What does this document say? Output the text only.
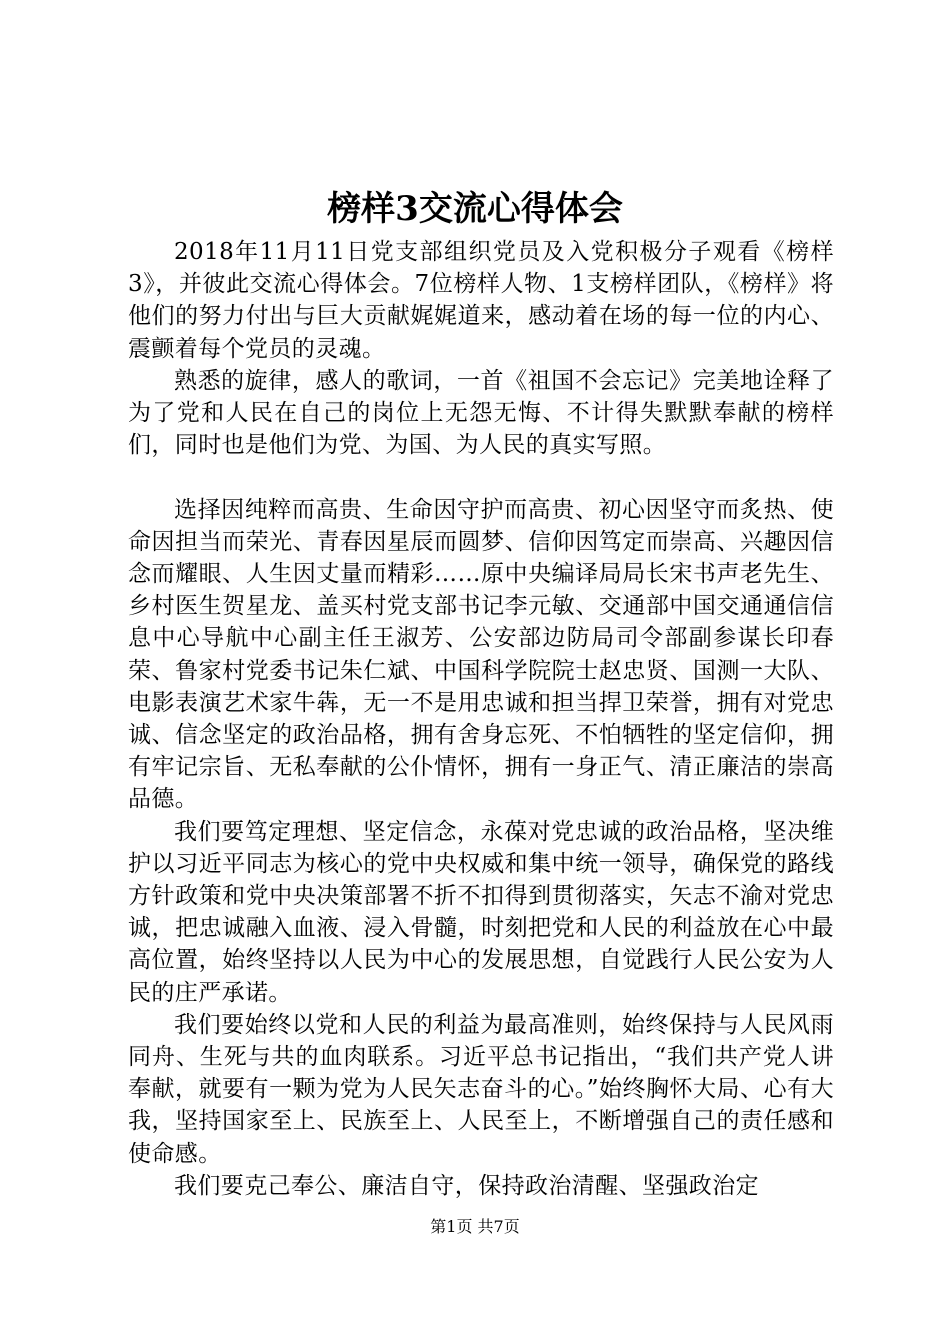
榜样3交流心得体会

2018年11月11日党支部组织党员及入党积极分子观看《榜样3》，并彼此交流心得体会。7位榜样人物、1支榜样团队，《榜样》将他们的努力付出与巨大贡献娓娓道来，感动着在场的每一位的内心、震颤着每个党员的灵魂。

熟悉的旋律，感人的歌词，一首《祖国不会忘记》完美地诠释了为了党和人民在自己的岗位上无怨无悔、不计得失默默奉献的榜样们，同时也是他们为党、为国、为人民的真实写照。

选择因纯粹而高贵、生命因守护而高贵、初心因坚守而炙热、使命因担当而荣光、青春因星辰而圆梦、信仰因笃定而崇高、兴趣因信念而耀眼、人生因丈量而精彩……原中央编译局局长宋书声老先生、乡村医生贺星龙、盖买村党支部书记李元敏、交通部中国交通通信信息中心导航中心副主任王淑芳、公安部边防局司令部副参谋长印春荣、鲁家村党委书记朱仁斌、中国科学院院士赵忠贤、国测一大队、电影表演艺术家牛犇，无一不是用忠诚和担当捍卫荣誉，拥有对党忠诚、信念坚定的政治品格，拥有舍身忘死、不怕牺牲的坚定信仰，拥有牢记宗旨、无私奉献的公仆情怀，拥有一身正气、清正廉洁的崇高品德。

我们要笃定理想、坚定信念，永葆对党忠诚的政治品格，坚决维护以习近平同志为核心的党中央权威和集中统一领导，确保党的路线方针政策和党中央决策部署不折不扣得到贯彻落实，矢志不渝对党忠诚，把忠诚融入血液、浸入骨髓，时刻把党和人民的利益放在心中最高位置，始终坚持以人民为中心的发展思想，自觉践行人民公安为人民的庄严承诺。

我们要始终以党和人民的利益为最高准则，始终保持与人民风雨同舟、生死与共的血肉联系。习近平总书记指出，“我们共产党人讲奉献，就要有一颗为党为人民矢志奋斗的心。”始终胸怀大局、心有大我，坚持国家至上、民族至上、人民至上，不断增强自己的责任感和使命感。

我们要克己奉公、廉洁自守，保持政治清醒、坚强政治定

第1页 共7页
